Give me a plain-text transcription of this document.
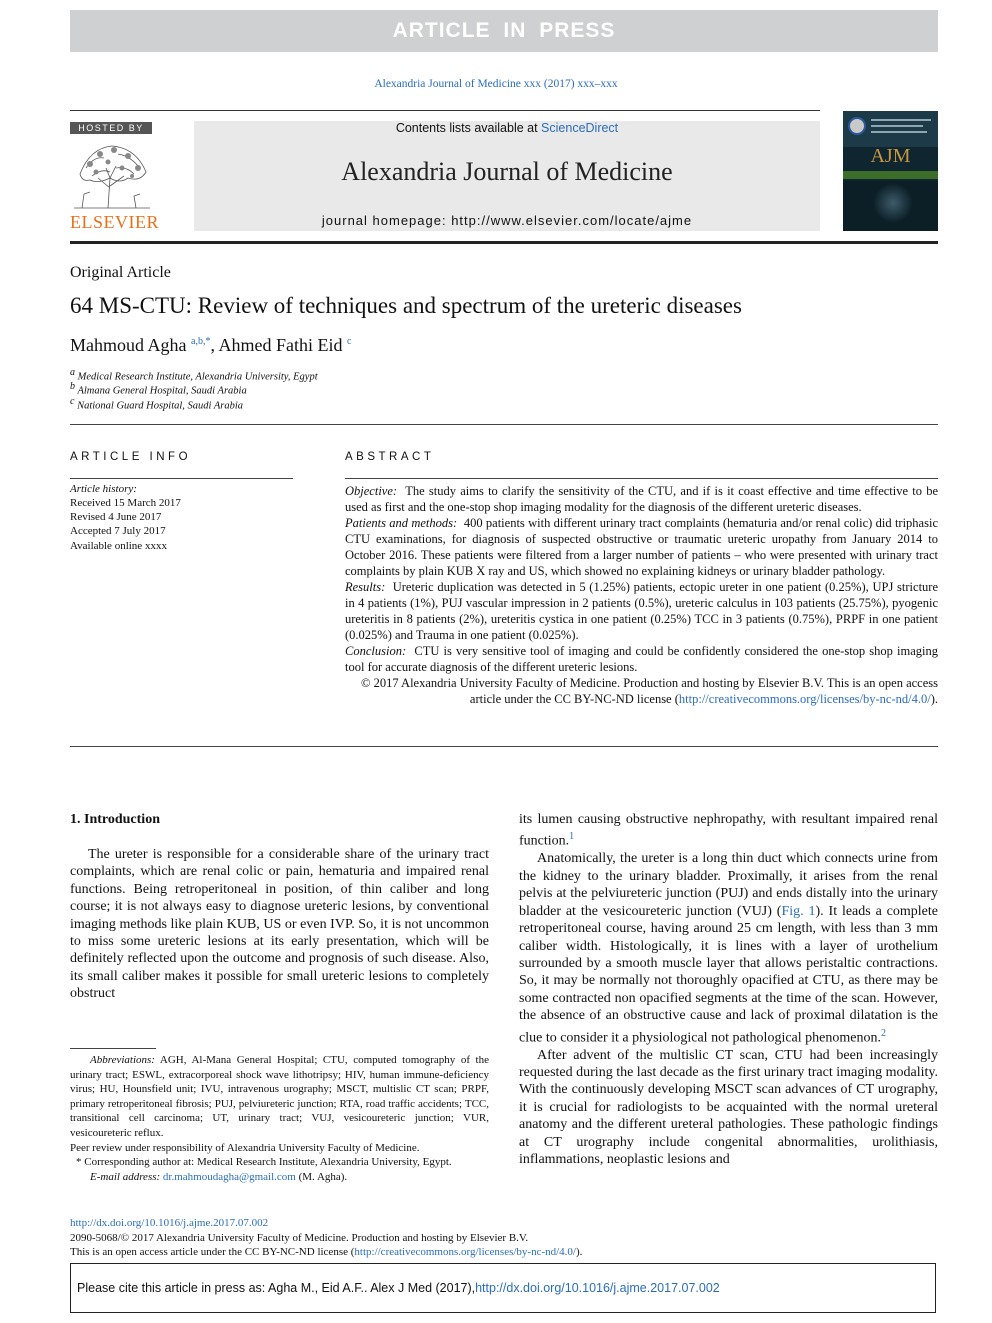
ARTICLE IN PRESS
Alexandria Journal of Medicine xxx (2017) xxx–xxx
HOSTED BY
ELSEVIER
Contents lists available at ScienceDirect
Alexandria Journal of Medicine
journal homepage: http://www.elsevier.com/locate/ajme
AJM
Original Article
64 MS-CTU: Review of techniques and spectrum of the ureteric diseases
Mahmoud Agha $^{a,b,*}$, Ahmed Fathi Eid $^c$
$^a$ Medical Research Institute, Alexandria University, Egypt
$^b$ Almana General Hospital, Saudi Arabia
$^c$ National Guard Hospital, Saudi Arabia
ARTICLE INFO
Article history:
Received 15 March 2017
Revised 4 June 2017
Accepted 7 July 2017
Available online xxxx
ABSTRACT

Objective: The study aims to clarify the sensitivity of the CTU, and if is it coast effective and time effective to be used as first and the one-stop shop imaging modality for the diagnosis of the different ureteric diseases.

Patients and methods: 400 patients with different urinary tract complaints (hematuria and/or renal colic) did triphasic CTU examinations, for diagnosis of suspected obstructive or traumatic ureteric uropathy from January 2014 to October 2016. These patients were filtered from a larger number of patients – who were presented with urinary tract complaints by plain KUB X ray and US, which showed no explaining kidneys or urinary bladder pathology.

Results: Ureteric duplication was detected in 5 (1.25%) patients, ectopic ureter in one patient (0.25%), UPJ stricture in 4 patients (1%), PUJ vascular impression in 2 patients (0.5%), ureteric calculus in 103 patients (25.75%), pyogenic ureteritis in 8 patients (2%), ureteritis cystica in one patient (0.25%) TCC in 3 patients (0.75%), PRPF in one patient (0.025%) and Trauma in one patient (0.025%).

Conclusion: CTU is very sensitive tool of imaging and could be confidently considered the one-stop shop imaging tool for accurate diagnosis of the different ureteric lesions.

© 2017 Alexandria University Faculty of Medicine. Production and hosting by Elsevier B.V. This is an open access article under the CC BY-NC-ND license (http://creativecommons.org/licenses/by-nc-nd/4.0/).

1. Introduction

The ureter is responsible for a considerable share of the urinary tract complaints, which are renal colic or pain, hematuria and impaired renal functions. Being retroperitoneal in position, of thin caliber and long course; it is not always easy to diagnose ureteric lesions, by conventional imaging methods like plain KUB, US or even IVP. So, it is not uncommon to miss some ureteric lesions at its early presentation, which will be definitely reflected upon the outcome and prognosis of such disease. Also, its small caliber makes it possible for small ureteric lesions to completely obstruct

its lumen causing obstructive nephropathy, with resultant impaired renal function.$^1$

Anatomically, the ureter is a long thin duct which connects urine from the kidney to the urinary bladder. Proximally, it arises from the renal pelvis at the pelviureteric junction (PUJ) and ends distally into the urinary bladder at the vesicoureteric junction (VUJ) (Fig. 1). It leads a complete retroperitoneal course, having around 25 cm length, with less than 3 mm caliber width. Histologically, it is lines with a layer of urothelium surrounded by a smooth muscle layer that allows peristaltic contractions. So, it may be normally not thoroughly opacified at CTU, as there may be some contracted non opacified segments at the time of the scan. However, the absence of an obstructive cause and lack of proximal dilatation is the clue to consider it a physiological not pathological phenomenon.$^2$

After advent of the multislic CT scan, CTU had been increasingly requested during the last decade as the first urinary tract imaging modality. With the continuously developing MSCT scan advances of CT urography, it is crucial for radiologists to be acquainted with the normal ureteral anatomy and the different ureteral pathologies. These pathologic findings at CT urography include congenital abnormalities, urolithiasis, inflammations, neoplastic lesions and

Abbreviations: AGH, Al-Mana General Hospital; CTU, computed tomography of the urinary tract; ESWL, extracorporeal shock wave lithotripsy; HIV, human immune-deficiency virus; HU, Hounsfield unit; IVU, intravenous urography; MSCT, multislic CT scan; PRPF, primary retroperitoneal fibrosis; PUJ, pelviureteric junction; RTA, road traffic accidents; TCC, transitional cell carcinoma; UT, urinary tract; VUJ, vesicoureteric junction; VUR, vesicoureteric reflux.

Peer review under responsibility of Alexandria University Faculty of Medicine.

* Corresponding author at: Medical Research Institute, Alexandria University, Egypt.

E-mail address: dr.mahmoudagha@gmail.com (M. Agha).

http://dx.doi.org/10.1016/j.ajme.2017.07.002
2090-5068/© 2017 Alexandria University Faculty of Medicine. Production and hosting by Elsevier B.V.
This is an open access article under the CC BY-NC-ND license (http://creativecommons.org/licenses/by-nc-nd/4.0/).
Please cite this article in press as: Agha M., Eid A.F.. Alex J Med (2017), http://dx.doi.org/10.1016/j.ajme.2017.07.002
